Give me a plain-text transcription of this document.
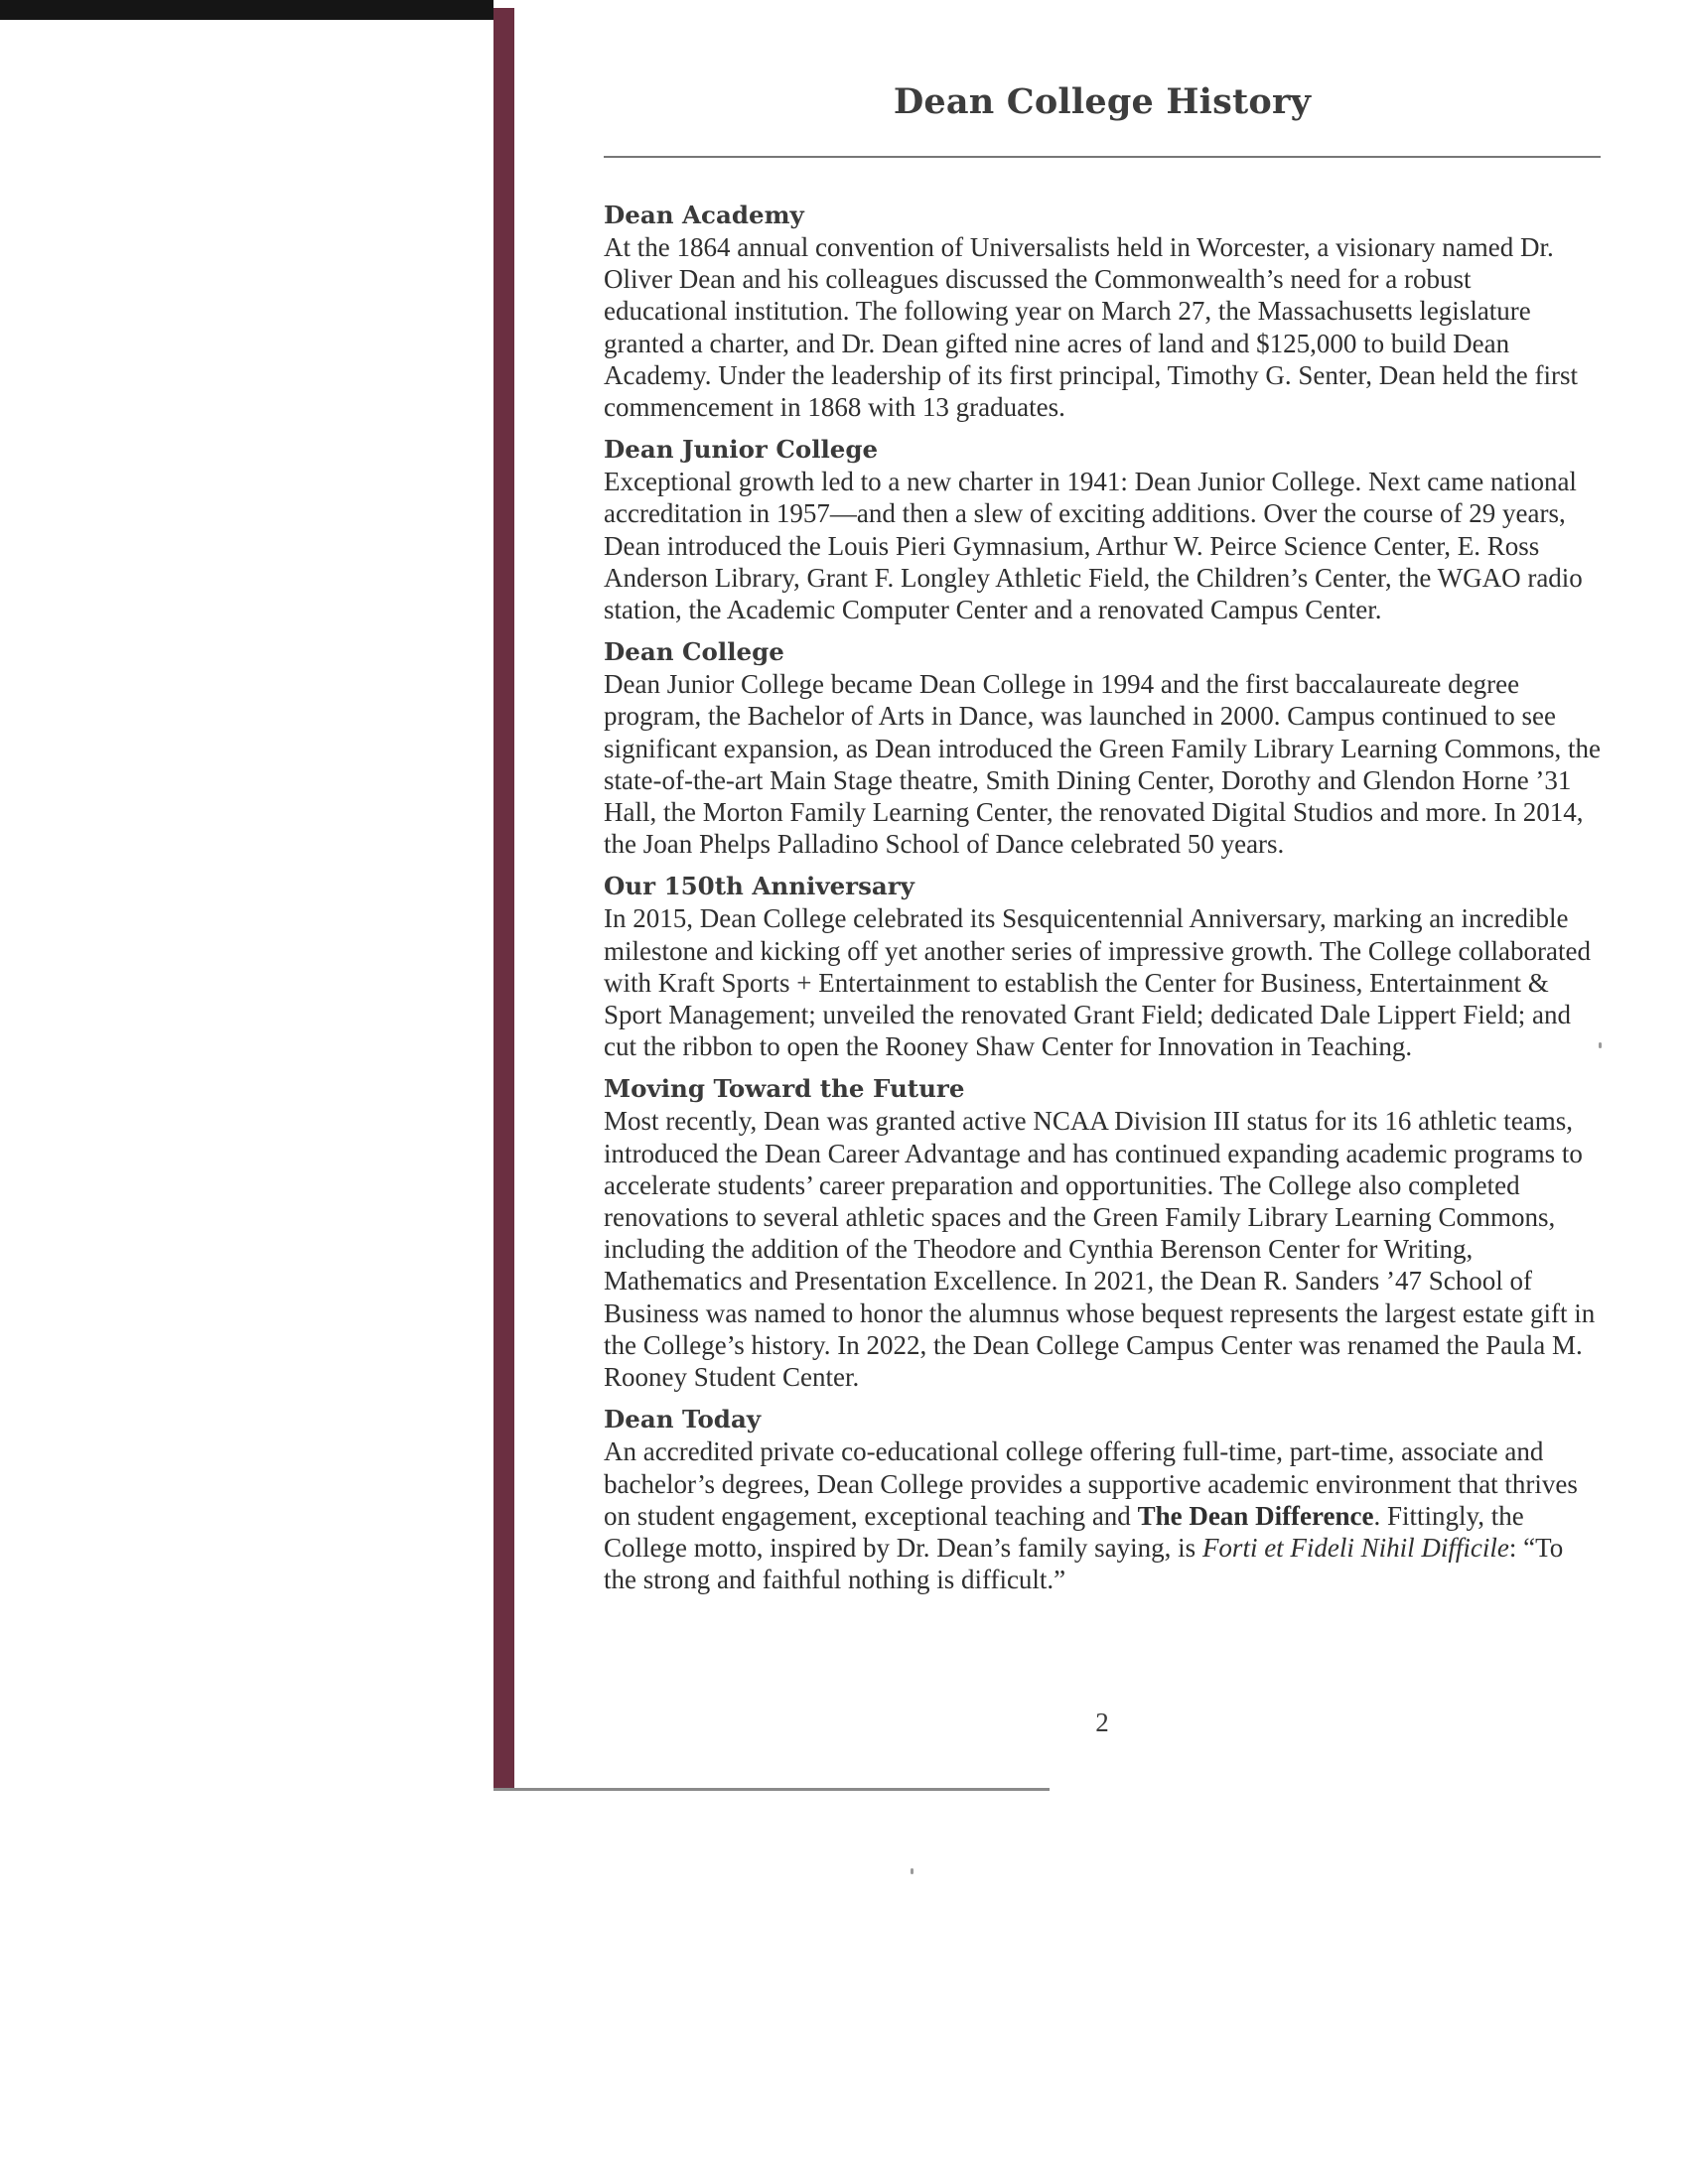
Dean College History
Dean Academy
At the 1864 annual convention of Universalists held in Worcester, a visionary named Dr. Oliver Dean and his colleagues discussed the Commonwealth’s need for a robust educational institution. The following year on March 27, the Massachusetts legislature granted a charter, and Dr. Dean gifted nine acres of land and $125,000 to build Dean Academy. Under the leadership of its first principal, Timothy G. Senter, Dean held the first commencement in 1868 with 13 graduates.
Dean Junior College
Exceptional growth led to a new charter in 1941: Dean Junior College. Next came national accreditation in 1957—and then a slew of exciting additions. Over the course of 29 years, Dean introduced the Louis Pieri Gymnasium, Arthur W. Peirce Science Center, E. Ross Anderson Library, Grant F. Longley Athletic Field, the Children’s Center, the WGAO radio station, the Academic Computer Center and a renovated Campus Center.
Dean College
Dean Junior College became Dean College in 1994 and the first baccalaureate degree program, the Bachelor of Arts in Dance, was launched in 2000. Campus continued to see significant expansion, as Dean introduced the Green Family Library Learning Commons, the state-of-the-art Main Stage theatre, Smith Dining Center, Dorothy and Glendon Horne ’31 Hall, the Morton Family Learning Center, the renovated Digital Studios and more. In 2014, the Joan Phelps Palladino School of Dance celebrated 50 years.
Our 150th Anniversary
In 2015, Dean College celebrated its Sesquicentennial Anniversary, marking an incredible milestone and kicking off yet another series of impressive growth. The College collaborated with Kraft Sports + Entertainment to establish the Center for Business, Entertainment & Sport Management; unveiled the renovated Grant Field; dedicated Dale Lippert Field; and cut the ribbon to open the Rooney Shaw Center for Innovation in Teaching.
Moving Toward the Future
Most recently, Dean was granted active NCAA Division III status for its 16 athletic teams, introduced the Dean Career Advantage and has continued expanding academic programs to accelerate students’ career preparation and opportunities. The College also completed renovations to several athletic spaces and the Green Family Library Learning Commons, including the addition of the Theodore and Cynthia Berenson Center for Writing, Mathematics and Presentation Excellence. In 2021, the Dean R. Sanders ’47 School of Business was named to honor the alumnus whose bequest represents the largest estate gift in the College’s history. In 2022, the Dean College Campus Center was renamed the Paula M. Rooney Student Center.
Dean Today
An accredited private co-educational college offering full-time, part-time, associate and bachelor’s degrees, Dean College provides a supportive academic environment that thrives on student engagement, exceptional teaching and The Dean Difference. Fittingly, the College motto, inspired by Dr. Dean’s family saying, is Forti et Fideli Nihil Difficile: “To the strong and faithful nothing is difficult.”
2
